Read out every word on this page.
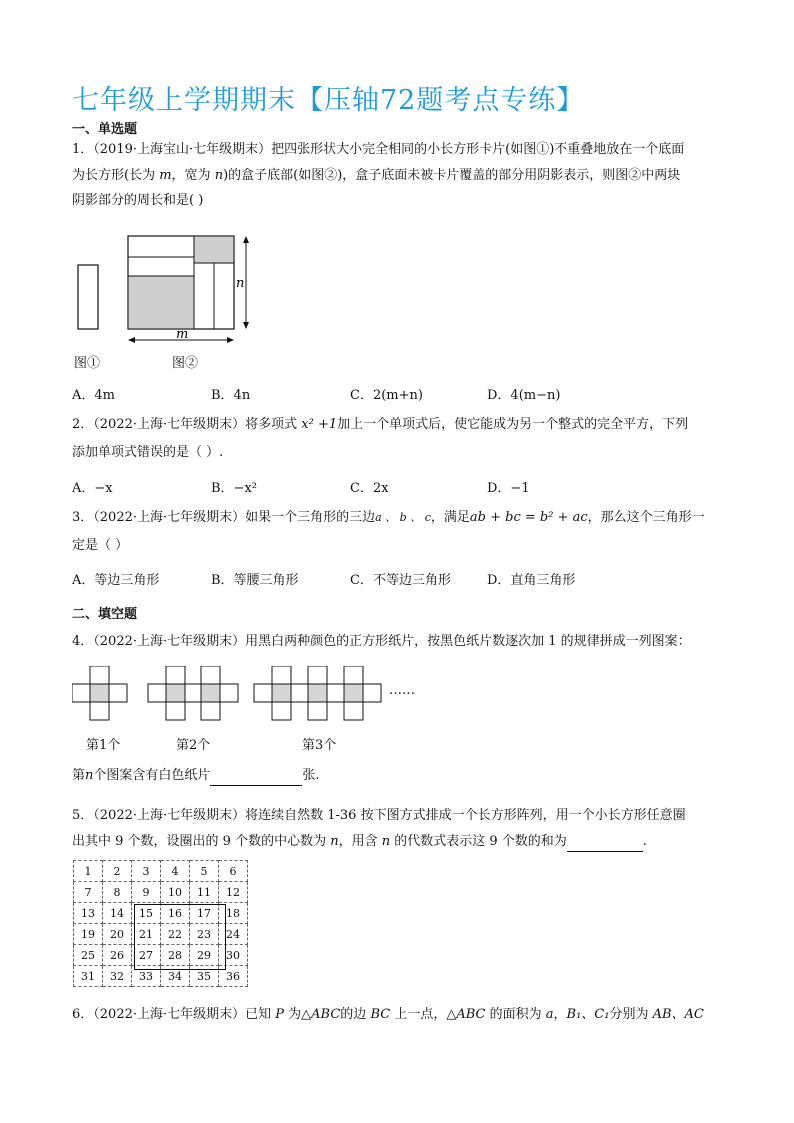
七年级上学期期末【压轴72题考点专练】
一、单选题
1．（2019·上海宝山·七年级期末）把四张形状大小完全相同的小长方形卡片(如图①)不重叠地放在一个底面
为长方形(长为 m，宽为 n)的盒子底部(如图②)，盒子底面未被卡片覆盖的部分用阴影表示，则图②中两块
阴影部分的周长和是( )
n
m
图①	图②
A．4m	B．4n	C．2(m+n)	D．4(m−n)
2．（2022·上海·七年级期末）将多项式 x² +1加上一个单项式后，使它能成为另一个整式的完全平方，下列
添加单项式错误的是（ ）.
A．−x	B．−x²	C．2x	D．−1
3．（2022·上海·七年级期末）如果一个三角形的三边a 、 b 、 c，满足ab + bc = b² + ac，那么这个三角形一
定是（ ）
A．等边三角形	B．等腰三角形	C．不等边三角形	D．直角三角形
二、填空题
4．（2022·上海·七年级期末）用黑白两种颜色的正方形纸片，按黑色纸片数逐次加 1 的规律拼成一列图案：
……
第1个	第2个	第3个
第n个图案含有白色纸片	张.
5．（2022·上海·七年级期末）将连续自然数 1-36 按下图方式排成一个长方形阵列，用一个小长方形任意圈
出其中 9 个数，设圈出的 9 个数的中心数为 n，用含 n 的代数式表示这 9 个数的和为	.
1	2	3	4	5	6
7	8	9	10	11	12
13	14	15	16	17	18
19	20	21	22	23	24
25	26	27	28	29	30
31	32	33	34	35	36
6．（2022·上海·七年级期末）已知 P 为△ABC的边 BC 上一点，△ABC 的面积为 a，B₁、C₁分别为 AB、AC
